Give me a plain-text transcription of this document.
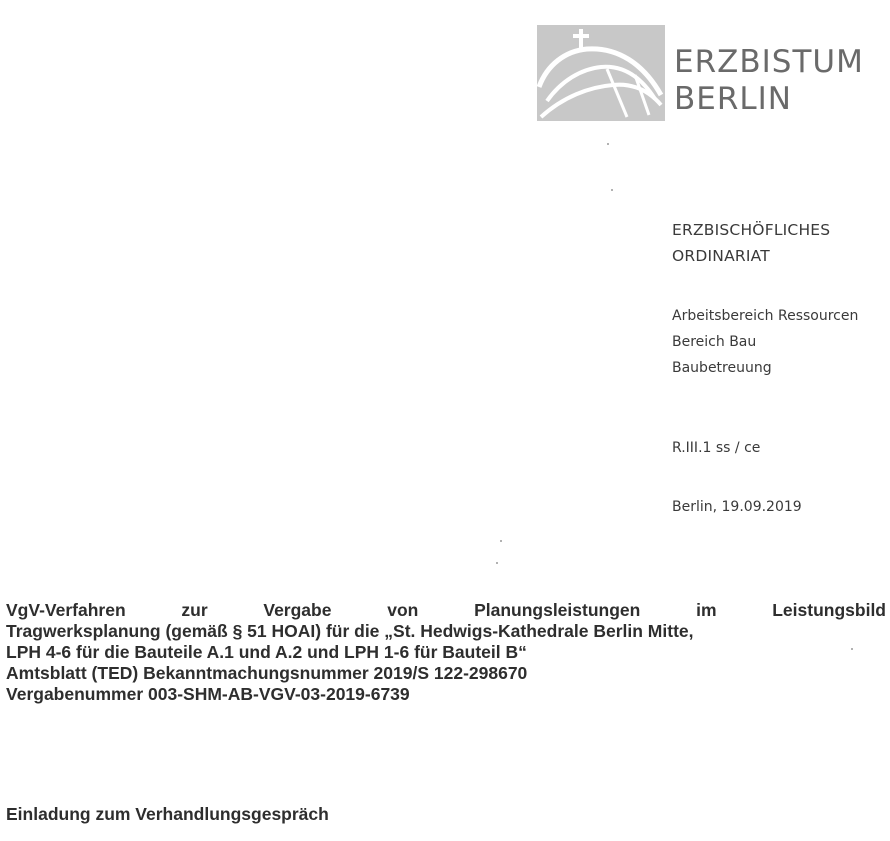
ERZBISTUM
BERLIN
ERZBISCHÖFLICHES
ORDINARIAT
Arbeitsbereich Ressourcen
Bereich Bau
Baubetreuung
R.III.1 ss / ce
Berlin, 19.09.2019
VgV-Verfahren zur Vergabe von Planungsleistungen im Leistungsbild
Tragwerksplanung (gemäß § 51 HOAI) für die „St. Hedwigs-Kathedrale Berlin Mitte,
LPH 4-6 für die Bauteile A.1 und A.2 und LPH 1-6 für Bauteil B“
Amtsblatt (TED) Bekanntmachungsnummer 2019/S 122-298670
Vergabenummer 003-SHM-AB-VGV-03-2019-6739
Einladung zum Verhandlungsgespräch
